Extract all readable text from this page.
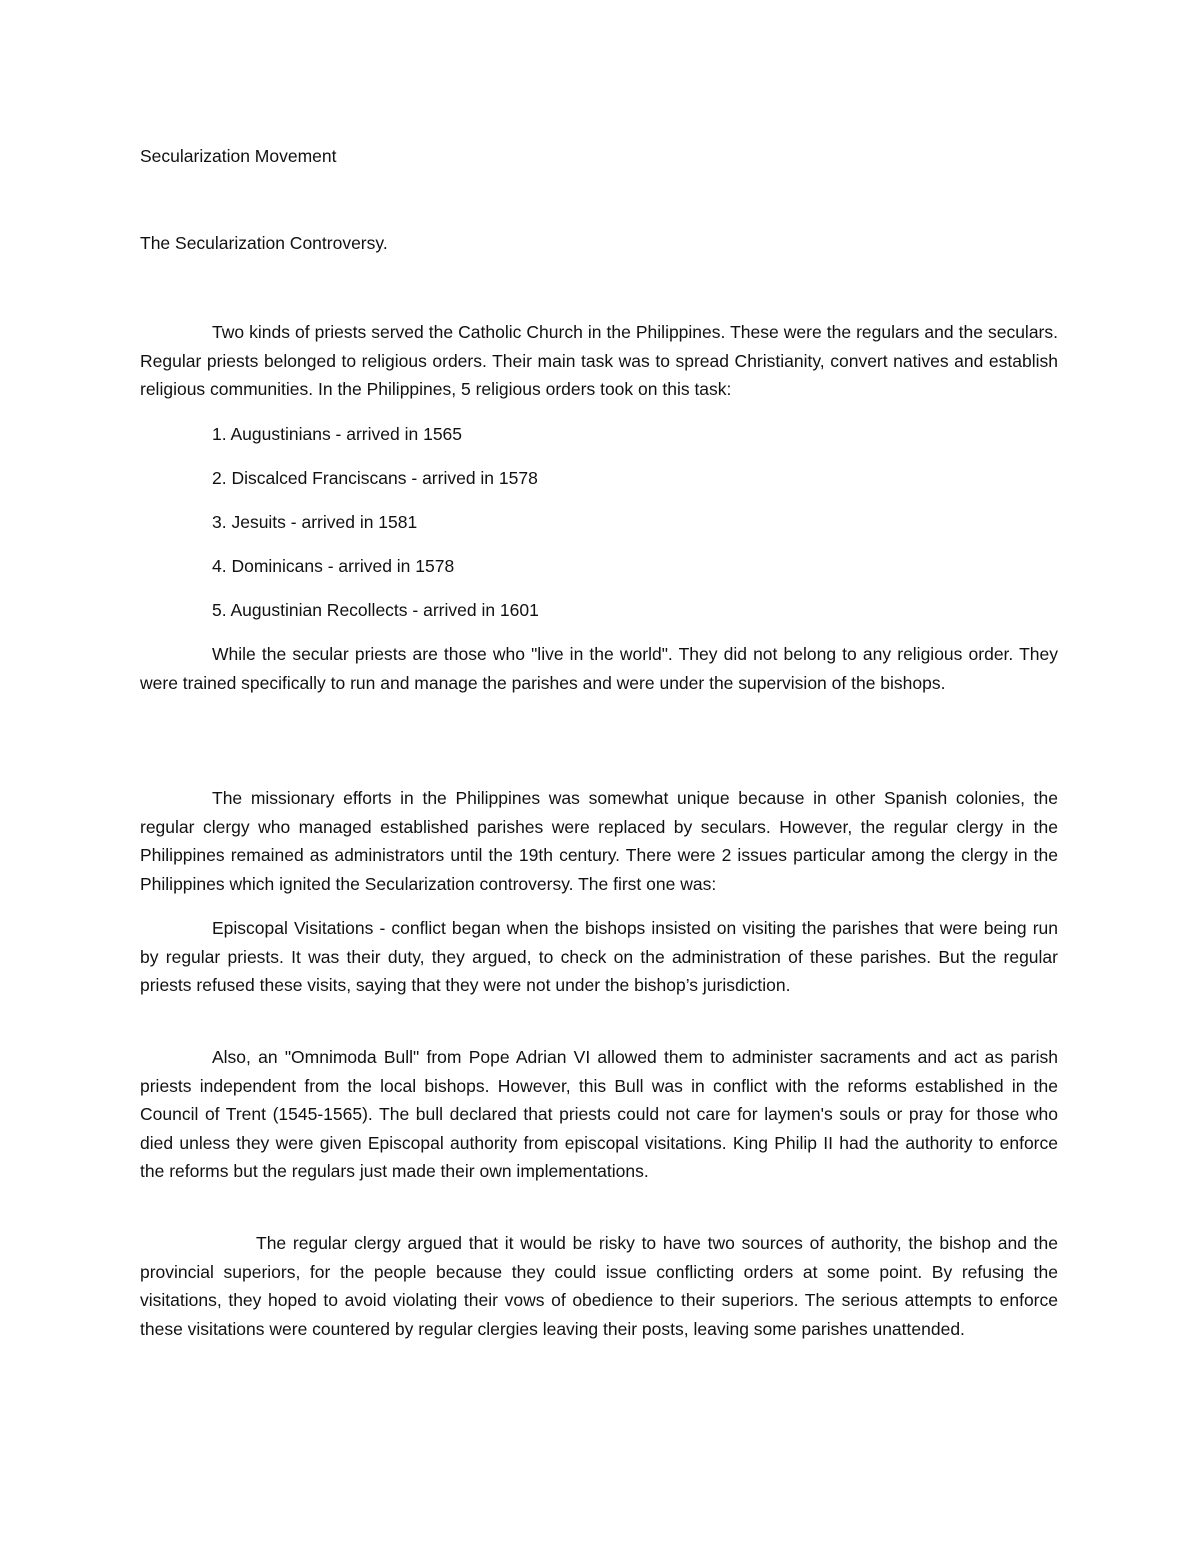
Secularization Movement
The Secularization Controversy.
Two kinds of priests served the Catholic Church in the Philippines. These were the regulars and the seculars. Regular priests belonged to religious orders. Their main task was to spread Christianity, convert natives and establish religious communities. In the Philippines, 5 religious orders took on this task:
1. Augustinians - arrived in 1565
2. Discalced Franciscans - arrived in 1578
3. Jesuits - arrived in 1581
4. Dominicans - arrived in 1578
5. Augustinian Recollects - arrived in 1601
While the secular priests are those who "live in the world". They did not belong to any religious order. They were trained specifically to run and manage the parishes and were under the supervision of the bishops.
The missionary efforts in the Philippines was somewhat unique because in other Spanish colonies, the regular clergy who managed established parishes were replaced by seculars. However, the regular clergy in the Philippines remained as administrators until the 19th century. There were 2 issues particular among the clergy in the Philippines which ignited the Secularization controversy. The first one was:
Episcopal Visitations - conflict began when the bishops insisted on visiting the parishes that were being run by regular priests. It was their duty, they argued, to check on the administration of these parishes. But the regular priests refused these visits, saying that they were not under the bishop’s jurisdiction.
Also, an "Omnimoda Bull" from Pope Adrian VI allowed them to administer sacraments and act as parish priests independent from the local bishops. However, this Bull was in conflict with the reforms established in the Council of Trent (1545-1565). The bull declared that priests could not care for laymen's souls or pray for those who died unless they were given Episcopal authority from episcopal visitations. King Philip II had the authority to enforce the reforms but the regulars just made their own implementations.
The regular clergy argued that it would be risky to have two sources of authority, the bishop and the provincial superiors, for the people because they could issue conflicting orders at some point. By refusing the visitations, they hoped to avoid violating their vows of obedience to their superiors. The serious attempts to enforce these visitations were countered by regular clergies leaving their posts, leaving some parishes unattended.
